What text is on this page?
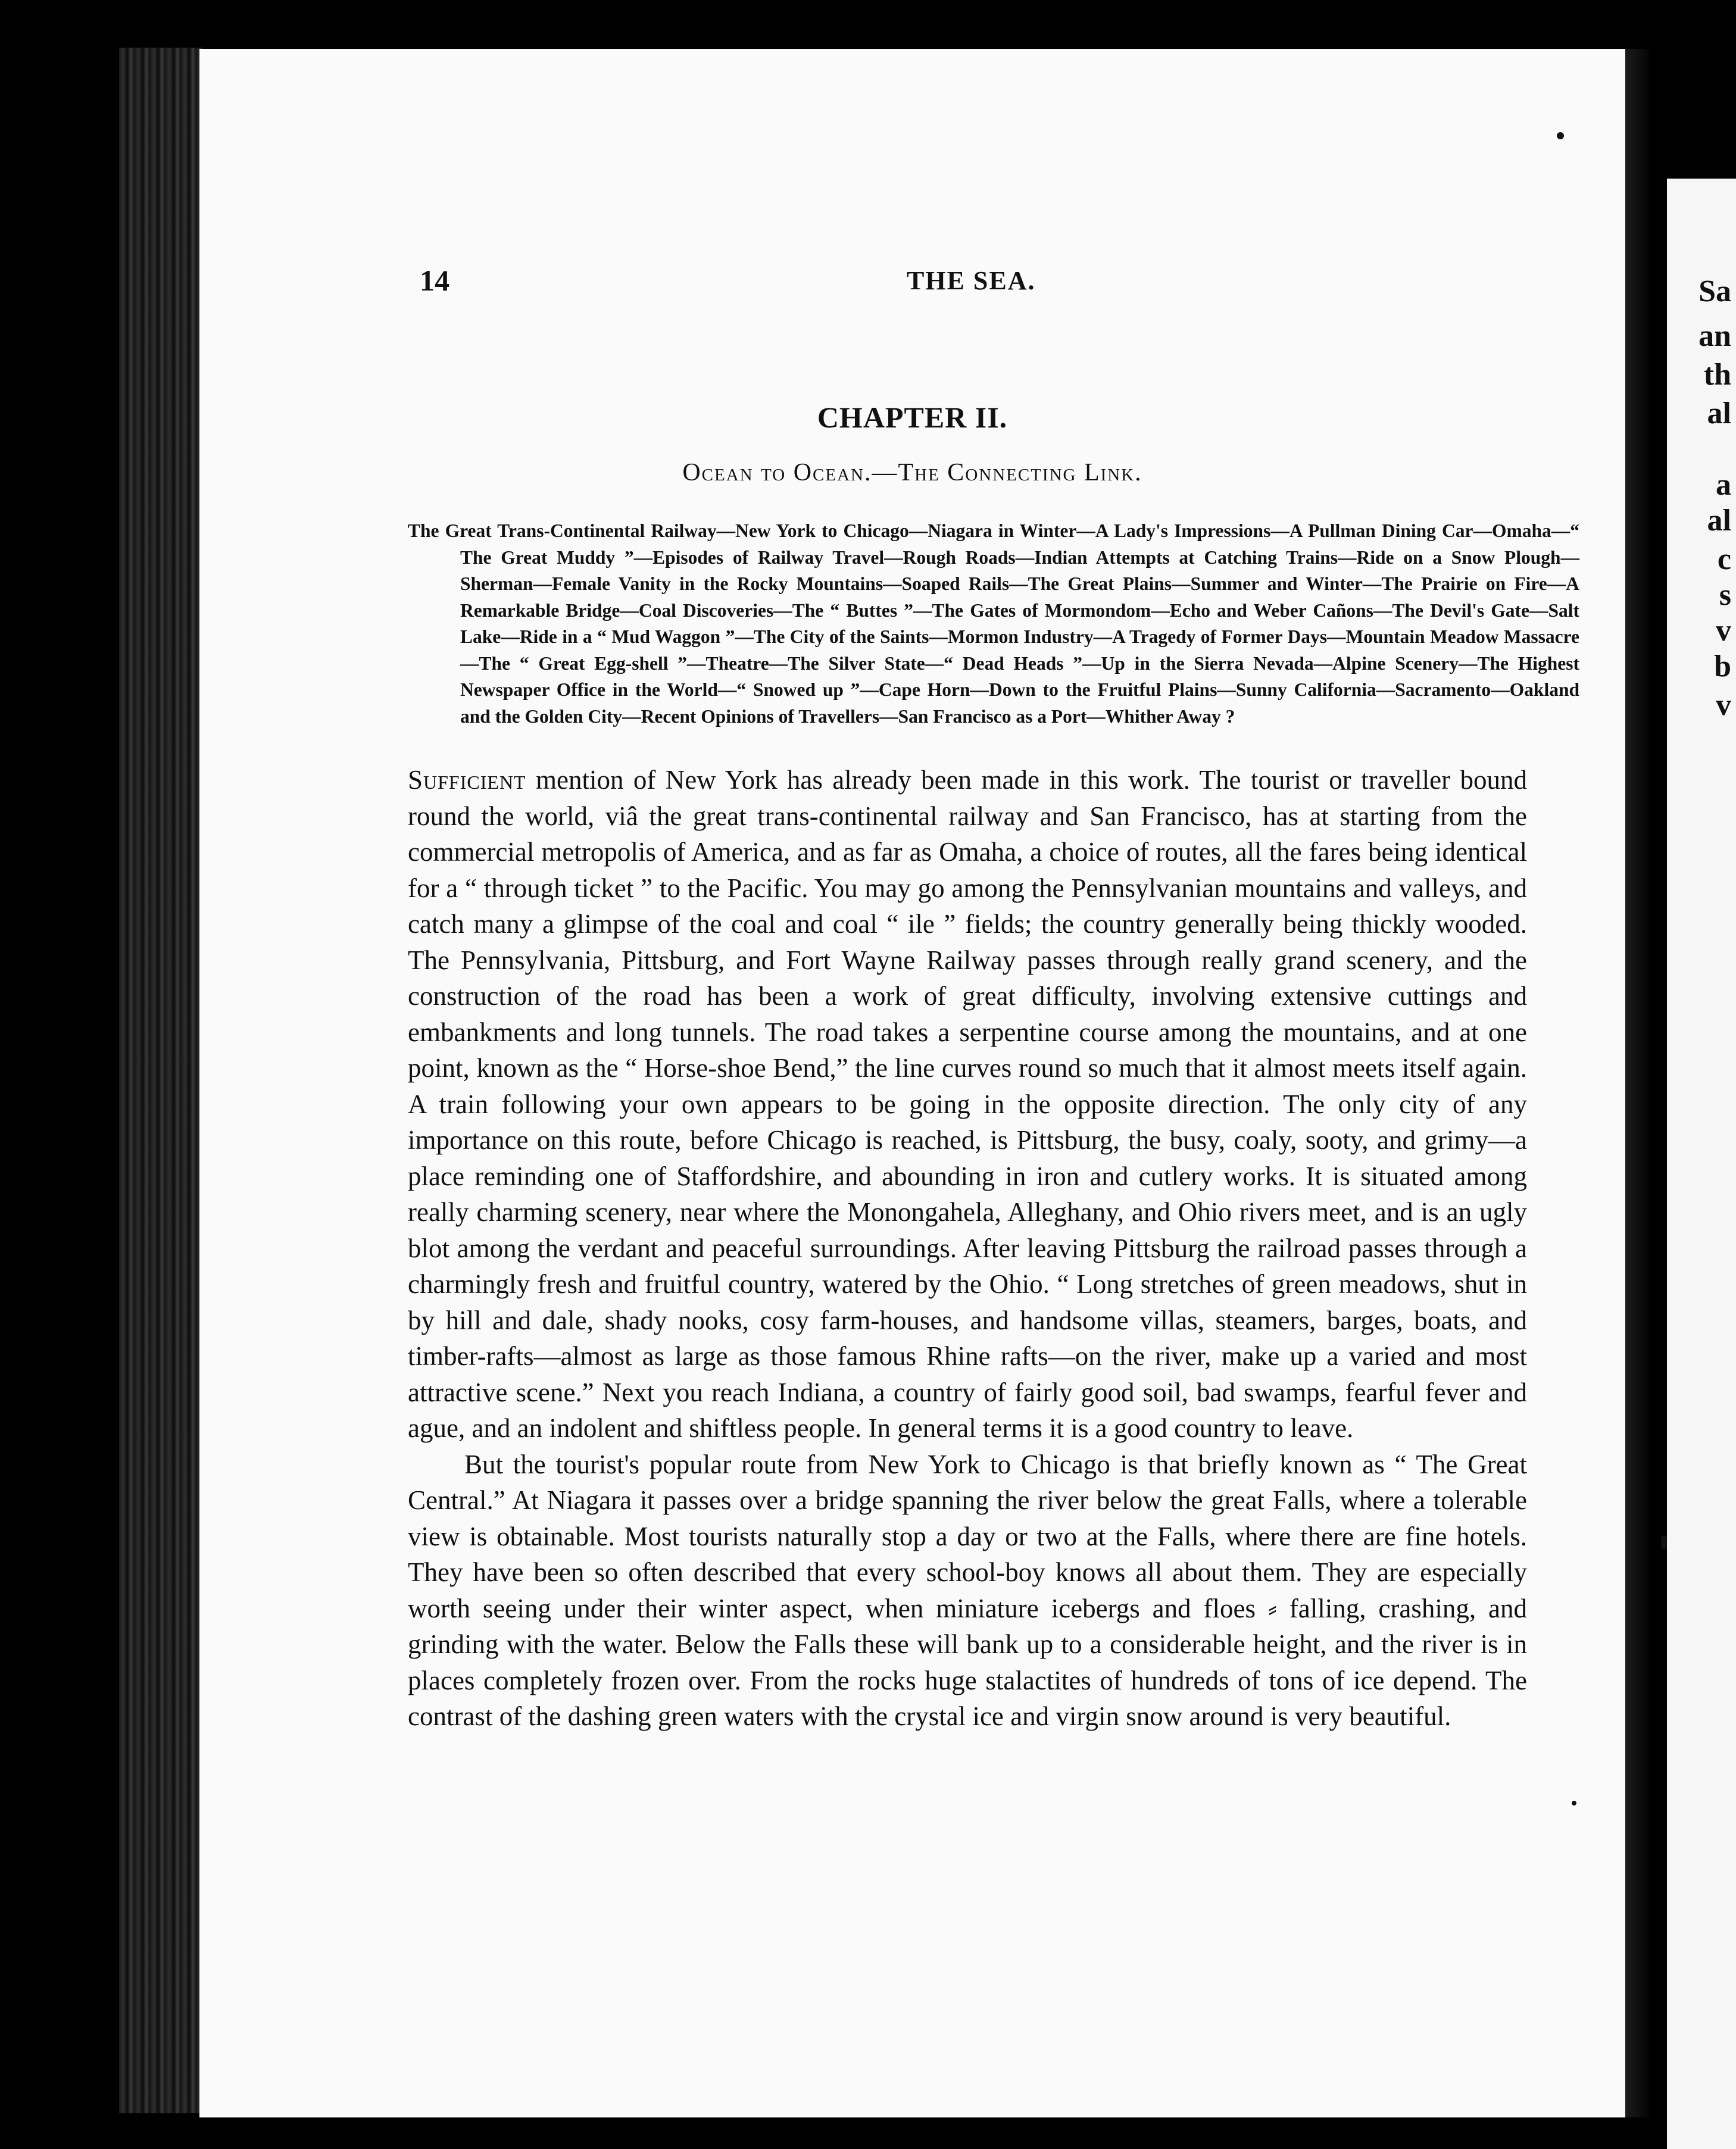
14	THE SEA.
CHAPTER II.
Ocean to Ocean.—The Connecting Link.
The Great Trans-Continental Railway—New York to Chicago—Niagara in Winter—A Lady's Impressions—A Pullman Dining Car—Omaha—“ The Great Muddy ”—Episodes of Railway Travel—Rough Roads—Indian Attempts at Catching Trains—Ride on a Snow Plough—Sherman—Female Vanity in the Rocky Mountains—Soaped Rails—The Great Plains—Summer and Winter—The Prairie on Fire—A Remarkable Bridge—Coal Discoveries—The “ Buttes ”—The Gates of Mormondom—Echo and Weber Cañons—The Devil's Gate—Salt Lake—Ride in a “ Mud Waggon ”—The City of the Saints—Mormon Industry—A Tragedy of Former Days—Mountain Meadow Massacre—The “ Great Egg-shell ”—Theatre—The Silver State—“ Dead Heads ”—Up in the Sierra Nevada—Alpine Scenery—The Highest Newspaper Office in the World—“ Snowed up ”—Cape Horn—Down to the Fruitful Plains—Sunny California—Sacramento—Oakland and the Golden City—Recent Opinions of Travellers—San Francisco as a Port—Whither Away ?

Sufficient mention of New York has already been made in this work. The tourist or traveller bound round the world, viâ the great trans-continental railway and San Francisco, has at starting from the commercial metropolis of America, and as far as Omaha, a choice of routes, all the fares being identical for a “ through ticket ” to the Pacific. You may go among the Pennsylvanian mountains and valleys, and catch many a glimpse of the coal and coal “ ile ” fields; the country generally being thickly wooded. The Pennsylvania, Pittsburg, and Fort Wayne Railway passes through really grand scenery, and the construction of the road has been a work of great difficulty, involving extensive cuttings and embankments and long tunnels. The road takes a serpentine course among the mountains, and at one point, known as the “ Horse-shoe Bend,” the line curves round so much that it almost meets itself again. A train following your own appears to be going in the opposite direction. The only city of any importance on this route, before Chicago is reached, is Pittsburg, the busy, coaly, sooty, and grimy—a place reminding one of Staffordshire, and abounding in iron and cutlery works. It is situated among really charming scenery, near where the Monongahela, Alleghany, and Ohio rivers meet, and is an ugly blot among the verdant and peaceful surroundings. After leaving Pittsburg the railroad passes through a charmingly fresh and fruitful country, watered by the Ohio. “ Long stretches of green meadows, shut in by hill and dale, shady nooks, cosy farm-houses, and handsome villas, steamers, barges, boats, and timber-rafts—almost as large as those famous Rhine rafts—on the river, make up a varied and most attractive scene.” Next you reach Indiana, a country of fairly good soil, bad swamps, fearful fever and ague, and an indolent and shiftless people. In general terms it is a good country to leave.

But the tourist's popular route from New York to Chicago is that briefly known as “ The Great Central.” At Niagara it passes over a bridge spanning the river below the great Falls, where a tolerable view is obtainable. Most tourists naturally stop a day or two at the Falls, where there are fine hotels. They have been so often described that every school-boy knows all about them. They are especially worth seeing under their winter aspect, when miniature icebergs and floes ⸗ falling, crashing, and grinding with the water. Below the Falls these will bank up to a considerable height, and the river is in places completely frozen over. From the rocks huge stalactites of hundreds of tons of ice depend. The contrast of the dashing green waters with the crystal ice and virgin snow around is very beautiful.

Sa
an
th
al
a
al
c
s
v
b
v
